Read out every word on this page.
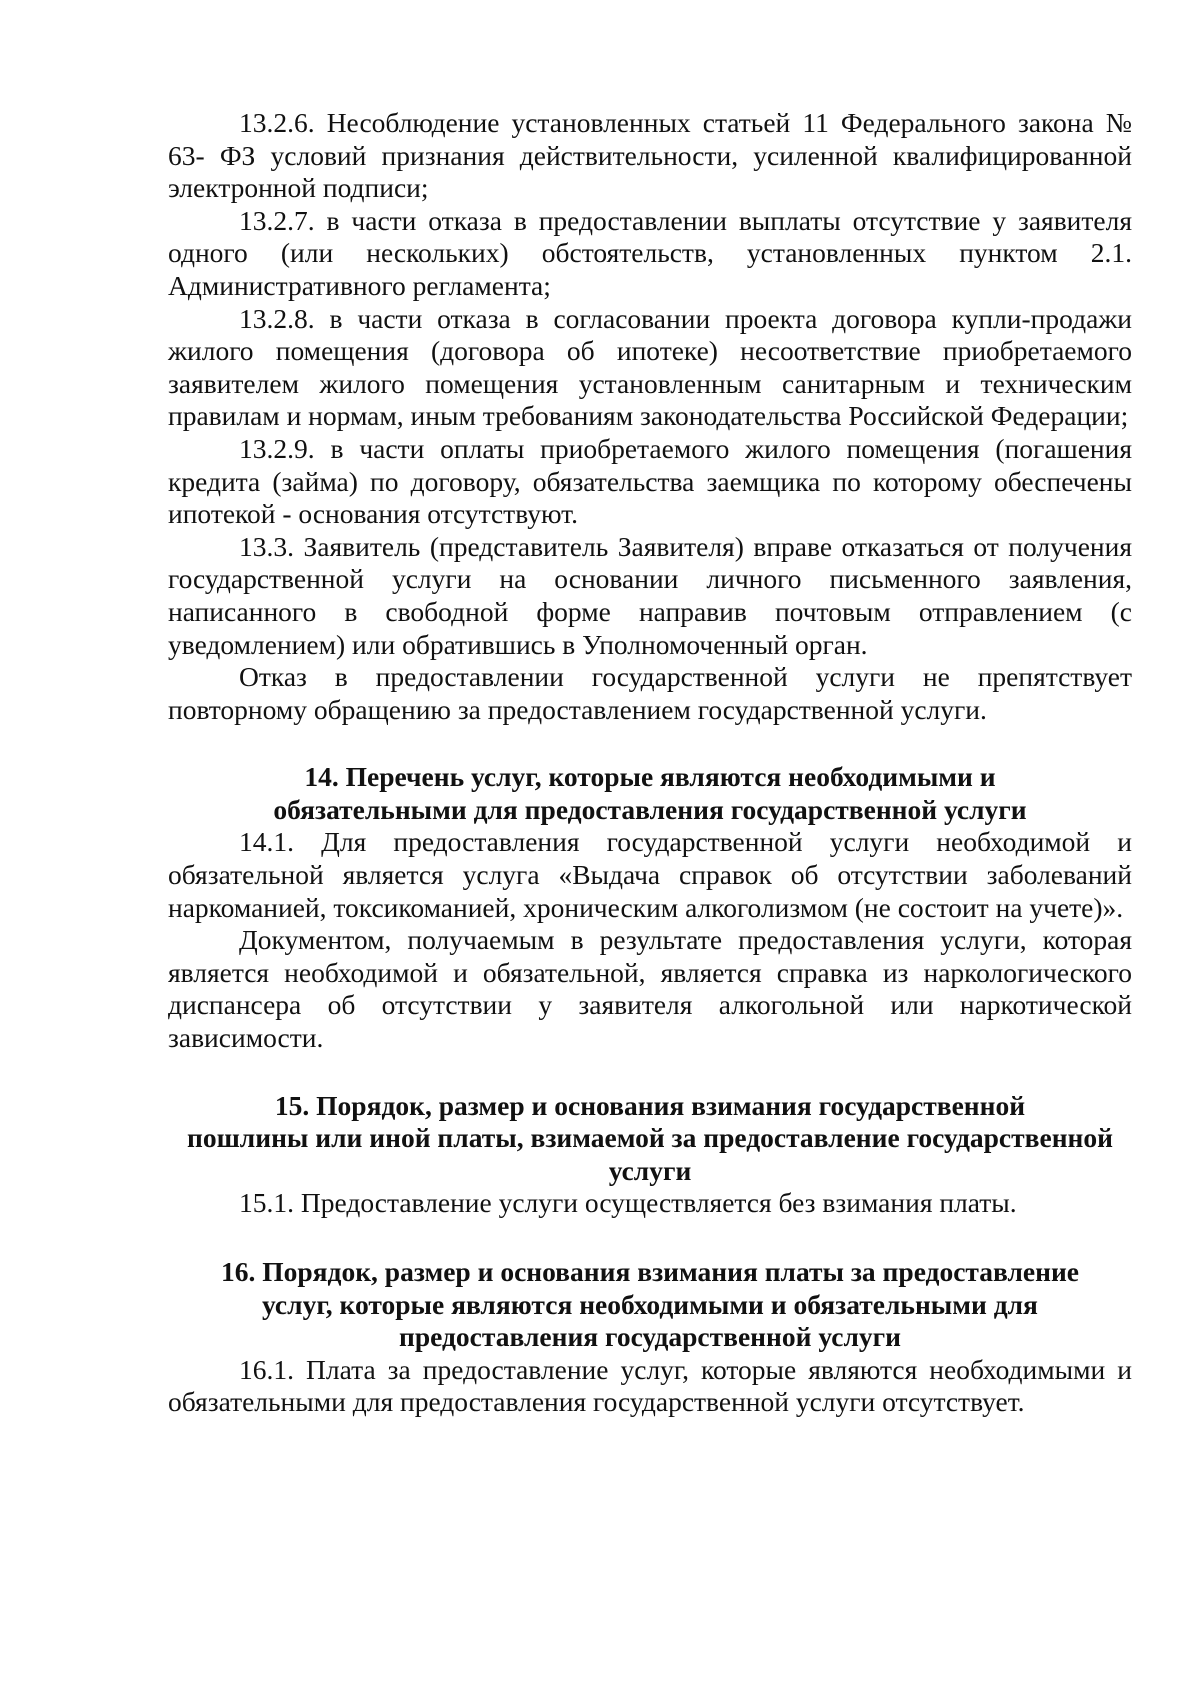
13.2.6. Несоблюдение установленных статьей 11 Федерального закона № 63- ФЗ условий признания действительности, усиленной квалифицированной электронной подписи;

13.2.7. в части отказа в предоставлении выплаты отсутствие у заявителя одного (или нескольких) обстоятельств, установленных пунктом 2.1. Административного регламента;

13.2.8. в части отказа в согласовании проекта договора купли-продажи жилого помещения (договора об ипотеке) несоответствие приобретаемого заявителем жилого помещения установленным санитарным и техническим правилам и нормам, иным требованиям законодательства Российской Федерации;

13.2.9. в части оплаты приобретаемого жилого помещения (погашения кредита (займа) по договору, обязательства заемщика по которому обеспечены ипотекой - основания отсутствуют.

13.3. Заявитель (представитель Заявителя) вправе отказаться от получения государственной услуги на основании личного письменного заявления, написанного в свободной форме направив почтовым отправлением (с уведомлением) или обратившись в Уполномоченный орган.

Отказ в предоставлении государственной услуги не препятствует повторному обращению за предоставлением государственной услуги.

14. Перечень услуг, которые являются необходимыми и

обязательными для предоставления государственной услуги

14.1. Для предоставления государственной услуги необходимой и обязательной является услуга «Выдача справок об отсутствии заболеваний наркоманией, токсикоманией, хроническим алкоголизмом (не состоит на учете)».

Документом, получаемым в результате предоставления услуги, которая является необходимой и обязательной, является справка из наркологического диспансера об отсутствии у заявителя алкогольной или наркотической зависимости.

15. Порядок, размер и основания взимания государственной

пошлины или иной платы, взимаемой за предоставление государственной

услуги

15.1. Предоставление услуги осуществляется без взимания платы.

16. Порядок, размер и основания взимания платы за предоставление

услуг, которые являются необходимыми и обязательными для

предоставления государственной услуги

16.1. Плата за предоставление услуг, которые являются необходимыми и обязательными для предоставления государственной услуги отсутствует.
